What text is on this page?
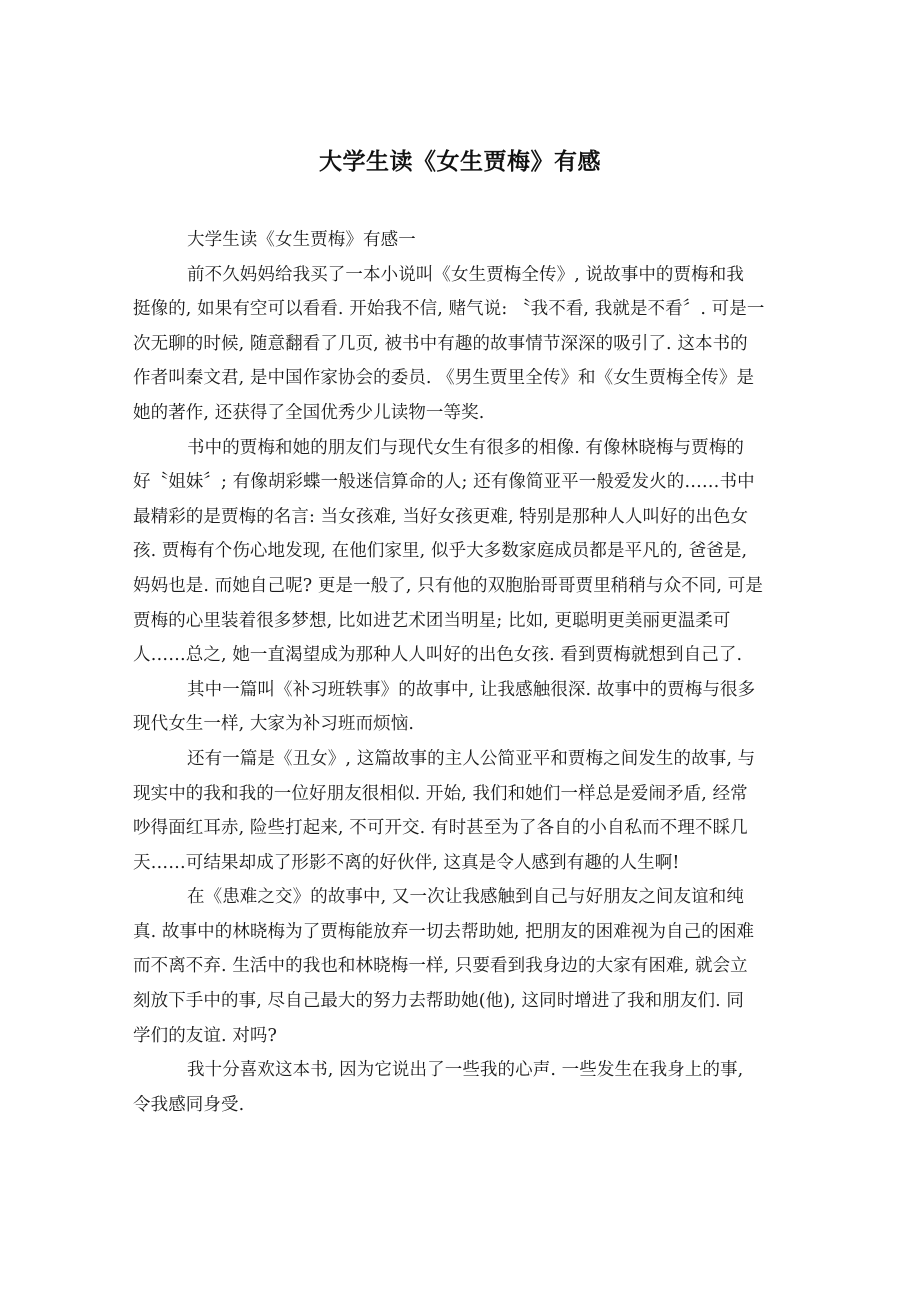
大学生读《女生贾梅》有感
大学生读《女生贾梅》有感一
前不久妈妈给我买了一本小说叫《女生贾梅全传》, 说故事中的贾梅和我
挺像的, 如果有空可以看看. 开始我不信, 赌气说: 〝我不看, 我就是不看〞. 可是一
次无聊的时候, 随意翻看了几页, 被书中有趣的故事情节深深的吸引了. 这本书的
作者叫秦文君, 是中国作家协会的委员. 《男生贾里全传》和《女生贾梅全传》是
她的著作, 还获得了全国优秀少儿读物一等奖.
书中的贾梅和她的朋友们与现代女生有很多的相像. 有像林晓梅与贾梅的
好〝姐妹〞; 有像胡彩蝶一般迷信算命的人; 还有像简亚平一般爱发火的……书中
最精彩的是贾梅的名言: 当女孩难, 当好女孩更难, 特别是那种人人叫好的出色女
孩. 贾梅有个伤心地发现, 在他们家里, 似乎大多数家庭成员都是平凡的, 爸爸是,
妈妈也是. 而她自己呢? 更是一般了, 只有他的双胞胎哥哥贾里稍稍与众不同, 可是
贾梅的心里装着很多梦想, 比如进艺术团当明星; 比如, 更聪明更美丽更温柔可
人……总之, 她一直渴望成为那种人人叫好的出色女孩. 看到贾梅就想到自己了.
其中一篇叫《补习班轶事》的故事中, 让我感触很深. 故事中的贾梅与很多
现代女生一样, 大家为补习班而烦恼.
还有一篇是《丑女》, 这篇故事的主人公简亚平和贾梅之间发生的故事, 与
现实中的我和我的一位好朋友很相似. 开始, 我们和她们一样总是爱闹矛盾, 经常
吵得面红耳赤, 险些打起来, 不可开交. 有时甚至为了各自的小自私而不理不睬几
天……可结果却成了形影不离的好伙伴, 这真是令人感到有趣的人生啊!
在《患难之交》的故事中, 又一次让我感触到自己与好朋友之间友谊和纯
真. 故事中的林晓梅为了贾梅能放弃一切去帮助她, 把朋友的困难视为自己的困难
而不离不弃. 生活中的我也和林晓梅一样, 只要看到我身边的大家有困难, 就会立
刻放下手中的事, 尽自己最大的努力去帮助她(他), 这同时增进了我和朋友们. 同
学们的友谊. 对吗?
我十分喜欢这本书, 因为它说出了一些我的心声. 一些发生在我身上的事,
令我感同身受.
